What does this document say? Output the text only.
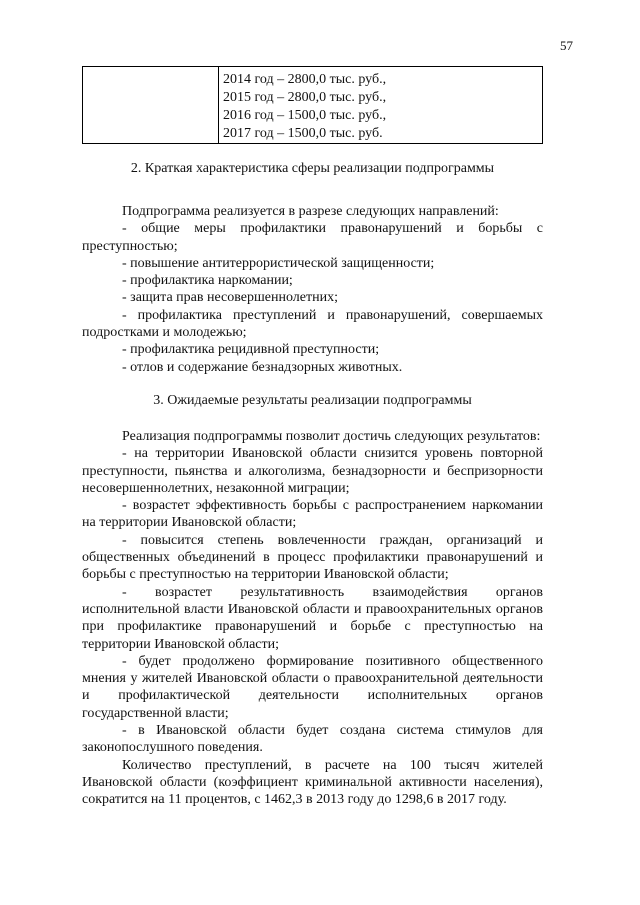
57
2014 год – 2800,0 тыс. руб.,
2015 год – 2800,0 тыс. руб.,
2016 год – 1500,0 тыс. руб.,
2017 год – 1500,0 тыс. руб.
2. Краткая характеристика сферы реализации подпрограммы

Подпрограмма реализуется в разрезе следующих направлений:

- общие меры профилактики правонарушений и борьбы с преступностью;

- повышение антитеррористической защищенности;

- профилактика наркомании;

- защита прав несовершеннолетних;

- профилактика преступлений и правонарушений, совершаемых подростками и молодежью;

- профилактика рецидивной преступности;

- отлов и содержание безнадзорных животных.

3. Ожидаемые результаты реализации подпрограммы

Реализация подпрограммы позволит достичь следующих результатов:

- на территории Ивановской области снизится уровень повторной преступности, пьянства и алкоголизма, безнадзорности и беспризорности несовершеннолетних, незаконной миграции;

- возрастет эффективность борьбы с распространением наркомании на территории Ивановской области;

- повысится степень вовлеченности граждан, организаций и общественных объединений в процесс профилактики правонарушений и борьбы с преступностью на территории Ивановской области;

- возрастет результативность взаимодействия органов исполнительной власти Ивановской области и правоохранительных органов при профилактике правонарушений и борьбе с преступностью на территории Ивановской области;

- будет продолжено формирование позитивного общественного мнения у жителей Ивановской области о правоохранительной деятельности и профилактической деятельности исполнительных органов государственной власти;

- в Ивановской области будет создана система стимулов для законопослушного поведения.

Количество преступлений, в расчете на 100 тысяч жителей Ивановской области (коэффициент криминальной активности населения), сократится на 11 процентов, с 1462,3 в 2013 году до 1298,6 в 2017 году.
